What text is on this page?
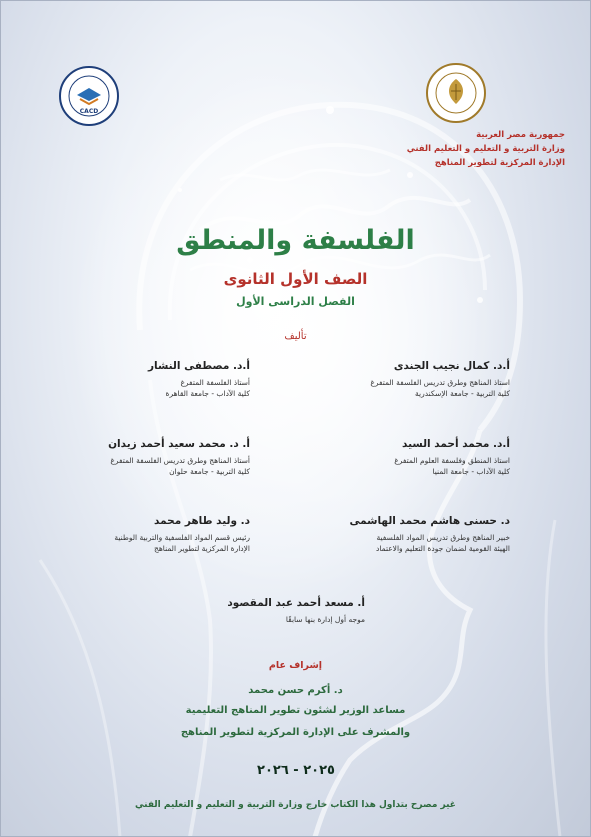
CACD
جمهورية مصر العربية
وزارة التربية و التعليم و التعليم الفني
الإدارة المركزية لتطوير المناهج
الفلسفة والمنطق
الصف الأول الثانوى
الفصل الدراسى الأول
تأليف
أ.د. كمال نجيب الجندى
استاذ المناهج وطرق تدريس الفلسفة المتفرغ
كلية التربية - جامعة الإسكندرية
أ.د. مصطفى النشار
أستاذ الفلسفة المتفرغ
كلية الآداب - جامعة القاهرة
أ.د. محمد أحمد السيد
استاذ المنطق وفلسفة العلوم المتفرغ
كلية الآداب - جامعة المنيا
أ. د. محمد سعيد أحمد زيدان
أستاذ المناهج وطرق تدريس الفلسفة المتفرغ
كلية التربية - جامعة حلوان
د. حسنى هاشم محمد الهاشمى
خبير المناهج وطرق تدريس المواد الفلسفية
الهيئة القومية لضمان جودة التعليم والاعتماد
د. وليد طاهر محمد
رئيس قسم المواد الفلسفية والتربية الوطنية
الإدارة المركزية لتطوير المناهج
أ. مسعد أحمد عبد المقصود
موجه أول إدارة بنها سابقًا
إشراف عام
د. أكرم حسن محمد
مساعد الوزير لشئون تطوير المناهج التعليمية
والمشرف على الإدارة المركزية لتطوير المناهج
٢٠٢٥ - ٢٠٢٦
غير مصرح بتداول هذا الكتاب خارج وزارة التربية و التعليم و التعليم الفني
